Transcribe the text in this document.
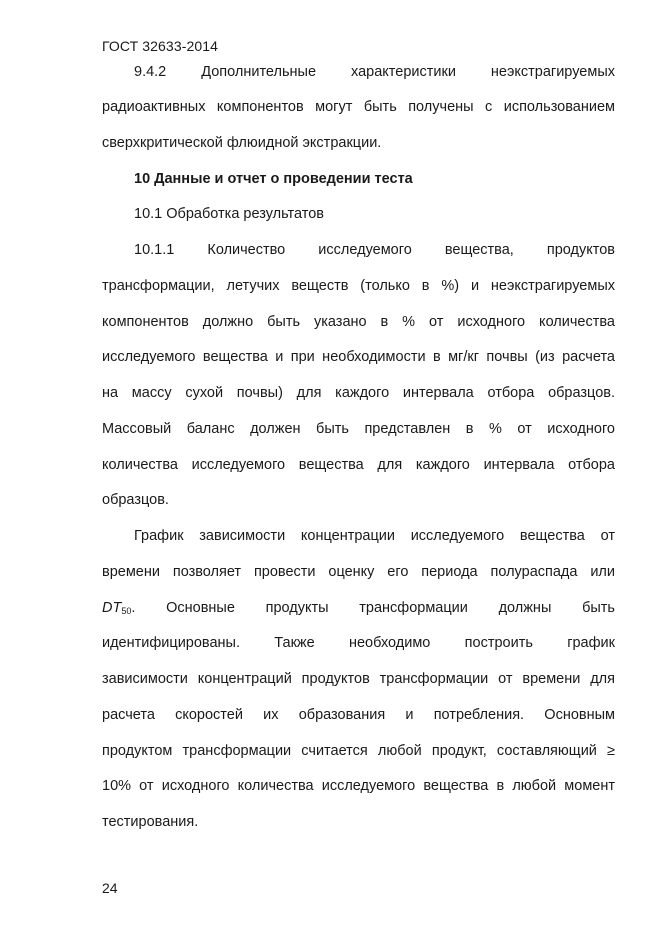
ГОСТ 32633-2014
9.4.2 Дополнительные характеристики неэкстрагируемых
радиоактивных компонентов могут быть получены с использованием
сверхкритической флюидной экстракции.
10 Данные и отчет о проведении теста
10.1 Обработка результатов
10.1.1 Количество исследуемого вещества, продуктов
трансформации, летучих веществ (только в %) и неэкстрагируемых
компонентов должно быть указано в % от исходного количества
исследуемого вещества и при необходимости в мг/кг почвы (из расчета
на массу сухой почвы) для каждого интервала отбора образцов.
Массовый баланс должен быть представлен в % от исходного
количества исследуемого вещества для каждого интервала отбора
образцов.
График зависимости концентрации исследуемого вещества от
времени позволяет провести оценку его периода полураспада или
$DT_{50}$. Основные продукты трансформации должны быть
идентифицированы. Также необходимо построить график
зависимости концентраций продуктов трансформации от времени для
расчета скоростей их образования и потребления. Основным
продуктом трансформации считается любой продукт, составляющий ≥
10% от исходного количества исследуемого вещества в любой момент
тестирования.
24
